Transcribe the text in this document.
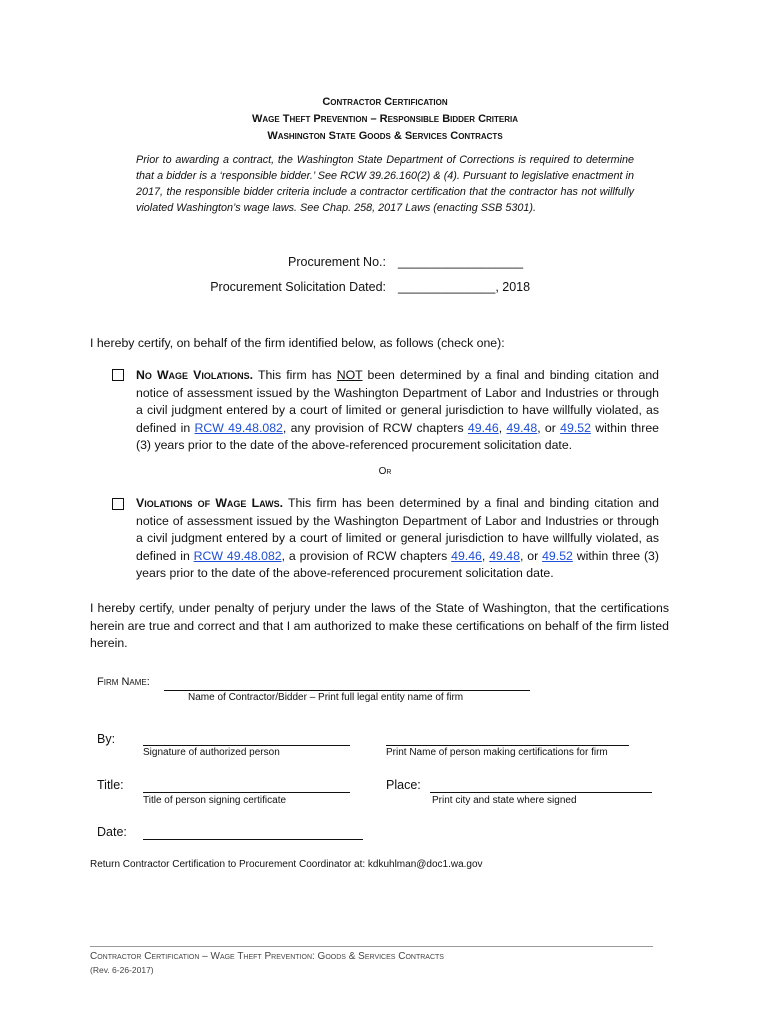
Contractor Certification
Wage Theft Prevention – Responsible Bidder Criteria
Washington State Goods & Services Contracts
Prior to awarding a contract, the Washington State Department of Corrections is required to determine that a bidder is a ‘responsible bidder.’ See RCW 39.26.160(2) & (4). Pursuant to legislative enactment in 2017, the responsible bidder criteria include a contractor certification that the contractor has not willfully violated Washington’s wage laws. See Chap. 258, 2017 Laws (enacting SSB 5301).
Procurement No.: __________________
Procurement Solicitation Dated: ______________, 2018
I hereby certify, on behalf of the firm identified below, as follows (check one):
No Wage Violations. This firm has NOT been determined by a final and binding citation and notice of assessment issued by the Washington Department of Labor and Industries or through a civil judgment entered by a court of limited or general jurisdiction to have willfully violated, as defined in RCW 49.48.082, any provision of RCW chapters 49.46, 49.48, or 49.52 within three (3) years prior to the date of the above-referenced procurement solicitation date.
Or
Violations of Wage Laws. This firm has been determined by a final and binding citation and notice of assessment issued by the Washington Department of Labor and Industries or through a civil judgment entered by a court of limited or general jurisdiction to have willfully violated, as defined in RCW 49.48.082, a provision of RCW chapters 49.46, 49.48, or 49.52 within three (3) years prior to the date of the above-referenced procurement solicitation date.
I hereby certify, under penalty of perjury under the laws of the State of Washington, that the certifications herein are true and correct and that I am authorized to make these certifications on behalf of the firm listed herein.
Firm Name:
Name of Contractor/Bidder – Print full legal entity name of firm
By:
Signature of authorized person	Print Name of person making certifications for firm
Title:
Title of person signing certificate
Place:
Print city and state where signed
Date:
Return Contractor Certification to Procurement Coordinator at: kdkuhlman@doc1.wa.gov
Contractor Certification – Wage Theft Prevention: Goods & Services Contracts
(Rev. 6-26-2017)
